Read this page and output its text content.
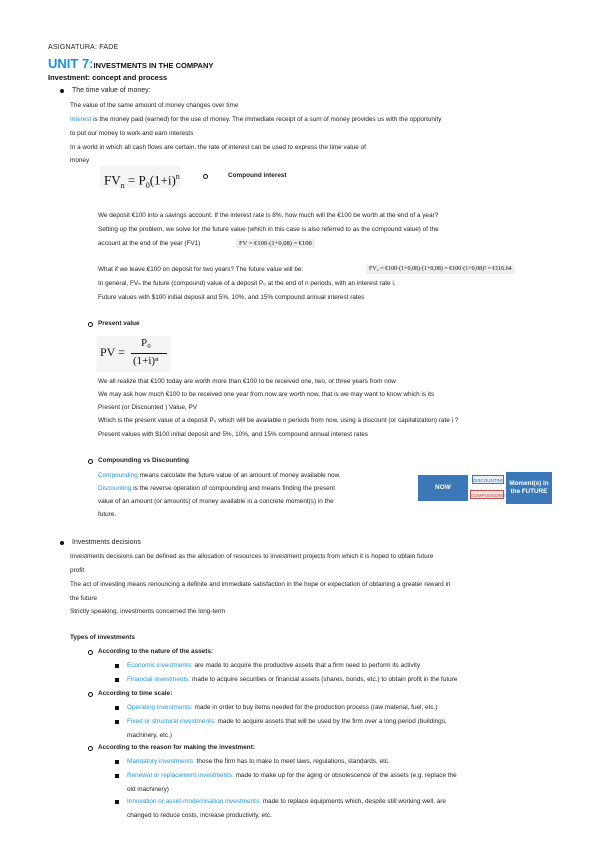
ASIGNATURA: FADE
UNIT 7:INVESTMENTS IN THE COMPANY
Investment: concept and process
The time value of money:
The value of the same amount of money changes over time
Interest is the money paid (earned) for the use of money. The immediate receipt of a sum of money provides us with the opportunity
to put our money to work and earn interests
In a world in which all cash flows are certain, the rate of interest can be used to express the time value of
money
$FV_n = P_0(1+i)^n$	Compound interest
We deposit €100 into a savings account. If the interest rate is 8%, how much will the €100 be worth at the end of a year?
Setting up the problem, we solve for the future value (which in this case is also referred to as the compound value) of the
account at the end of the year (FV1)	FV = €100·(1+0,08) = €108
What if we leave €100 on deposit for two years? The future value will be:	FV₂ = €100·(1+0,08)·(1+0,08) = €100·(1+0,08)² = €116.64
In general, FVₙ the future (compound) value of a deposit P₀ at the end of n periods, with an interest rate i.
Future values with $100 initial deposit and 5%, 10%, and 15% compound annual interest rates
Present value
PV =
P₀
(1+i)ⁿ
We all realize that €100 today are worth more than €100 to be received one, two, or three years from now
We may ask how much €100 to be received one year from now are worth now, that is we may want to know which is its
Present (or Discounted ) Value, PV
Which is the present value of a deposit P₀ which will be available n periods from now, using a discount (or capitalization) rate i ?
Present values with $100 initial deposit and 5%, 10%, and 15% compound annual interest rates
Compounding vs Discounting
Compounding means calculate the future value of an amount of money available now.
Discounting is the reverse operation of compounding and means finding the present
value of an amount (or amounts) of money available in a concrete moment(s) in the
future.
NOW
DISCOUNTING
COMPOUNDING
Moment(s) in
the FUTURE
Investments decisions
Investments decisions can be defined as the allocation of resources to investment projects from which it is hoped to obtain future
profit
The act of investing means renouncing a definite and immediate satisfaction in the hope or expectation of obtaining a greater reward in
the future
Strictly speaking, investments concerned the long-term
Types of investments
According to the nature of the assets:
Economic investments: are made to acquire the productive assets that a firm need to perform its activity
Financial investments: made to acquire securities or financial assets (shares, bonds, etc.) to obtain profit in the future
According to time scale:
Operating investments: made in order to buy items needed for the production process (raw material, fuel, etc.)
Fixed or structural investments: made to acquire assets that will be used by the firm over a long period (buildings,
machinery, etc.)
According to the reason for making the investment:
Mandatory investments: those the firm has to make to meet laws, regulations, standards, etc.
Renewal or replacement investments: made to make up for the aging or obsolescence of the assets (e.g. replace the
old machinery)
Innovation or asset-modernisation investments: made to replace equipments which, despite still working well, are
changed to reduce costs, increase productivity, etc.
